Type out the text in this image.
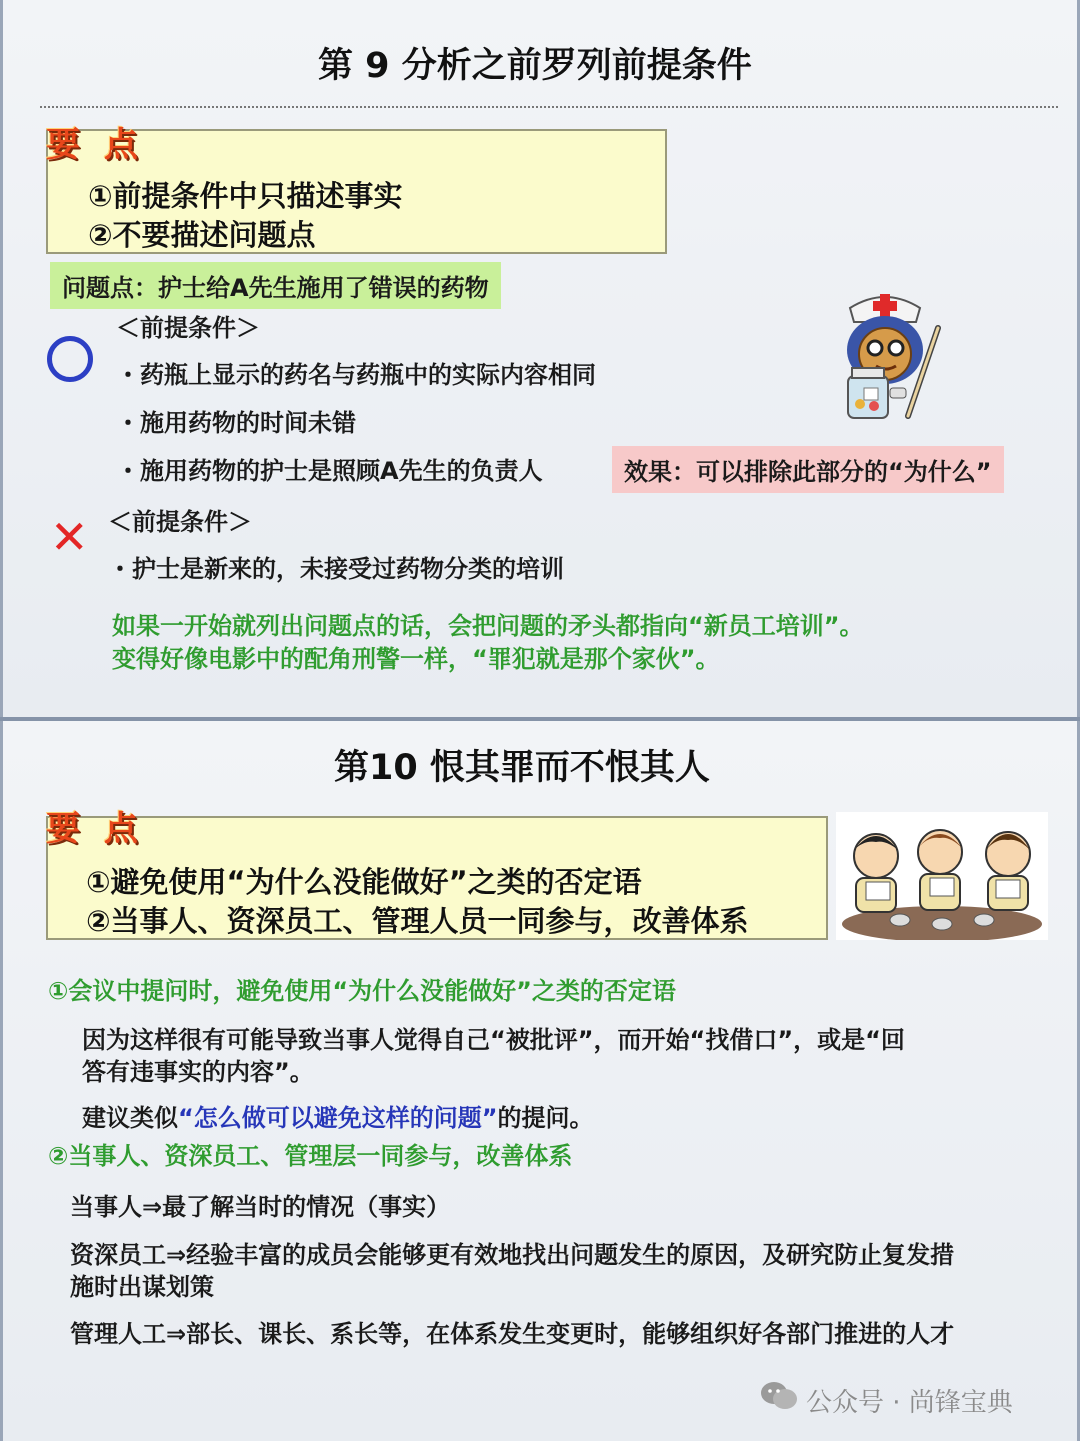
第 9 分析之前罗列前提条件
要 点
①前提条件中只描述事实
②不要描述问题点
问题点：护士给A先生施用了错误的药物
＜前提条件＞
・药瓶上显示的药名与药瓶中的实际内容相同
・施用药物的时间未错
・施用药物的护士是照顾A先生的负责人	效果：可以排除此部分的“为什么”
＜前提条件＞
✕
・护士是新来的，未接受过药物分类的培训
如果一开始就列出问题点的话，会把问题的矛头都指向“新员工培训”。
变得好像电影中的配角刑警一样，“罪犯就是那个家伙”。
第10 恨其罪而不恨其人
要 点
①避免使用“为什么没能做好”之类的否定语
②当事人、资深员工、管理人员一同参与，改善体系
①会议中提问时，避免使用“为什么没能做好”之类的否定语
因为这样很有可能导致当事人觉得自己“被批评”，而开始“找借口”，或是“回
答有违事实的内容”。
建议类似“怎么做可以避免这样的问题”的提问。
②当事人、资深员工、管理层一同参与，改善体系
当事人⇒最了解当时的情况（事实）
资深员工⇒经验丰富的成员会能够更有效地找出问题发生的原因，及研究防止复发措
施时出谋划策
管理人工⇒部长、课长、系长等，在体系发生变更时，能够组织好各部门推进的人才
公众号 · 尚锋宝典
